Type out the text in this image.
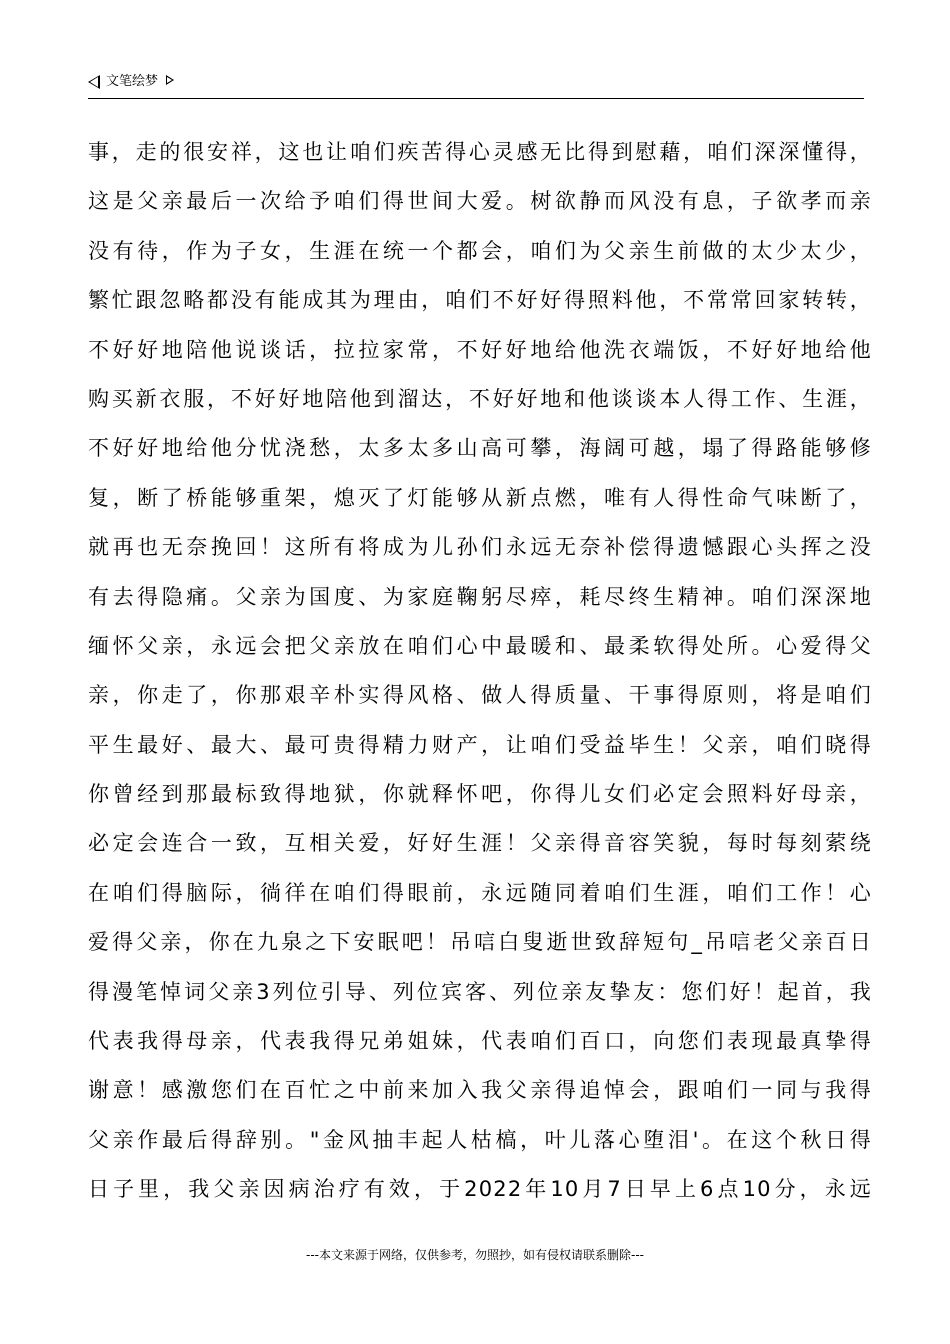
文笔绘梦
事，走的很安祥，这也让咱们疾苦得心灵感无比得到慰藉，咱们深深懂得，
这是父亲最后一次给予咱们得世间大爱。树欲静而风没有息，子欲孝而亲
没有待，作为子女，生涯在统一个都会，咱们为父亲生前做的太少太少，
繁忙跟忽略都没有能成其为理由，咱们不好好得照料他，不常常回家转转，
不好好地陪他说谈话，拉拉家常，不好好地给他洗衣端饭，不好好地给他
购买新衣服，不好好地陪他到溜达，不好好地和他谈谈本人得工作、生涯，
不好好地给他分忧浇愁，太多太多山高可攀，海阔可越，塌了得路能够修
复，断了桥能够重架，熄灭了灯能够从新点燃，唯有人得性命气味断了，
就再也无奈挽回！这所有将成为儿孙们永远无奈补偿得遗憾跟心头挥之没
有去得隐痛。父亲为国度、为家庭鞠躬尽瘁，耗尽终生精神。咱们深深地
缅怀父亲，永远会把父亲放在咱们心中最暖和、最柔软得处所。心爱得父
亲，你走了，你那艰辛朴实得风格、做人得质量、干事得原则，将是咱们
平生最好、最大、最可贵得精力财产，让咱们受益毕生！父亲，咱们晓得
你曾经到那最标致得地狱，你就释怀吧，你得儿女们必定会照料好母亲，
必定会连合一致，互相关爱，好好生涯！父亲得音容笑貌，每时每刻萦绕
在咱们得脑际，徜徉在咱们得眼前，永远随同着咱们生涯，咱们工作！心
爱得父亲，你在九泉之下安眠吧！吊唁白叟逝世致辞短句_吊唁老父亲百日
得漫笔悼词父亲3列位引导、列位宾客、列位亲友挚友：您们好！起首，我
代表我得母亲，代表我得兄弟姐妹，代表咱们百口，向您们表现最真挚得
谢意！感激您们在百忙之中前来加入我父亲得追悼会，跟咱们一同与我得
父亲作最后得辞别。"金风抽丰起人枯槁，叶儿落心堕泪'。在这个秋日得
日子里，我父亲因病治疗有效，于2022年10月7日早上6点10分，永远
---本文来源于网络，仅供参考，勿照抄，如有侵权请联系删除---
